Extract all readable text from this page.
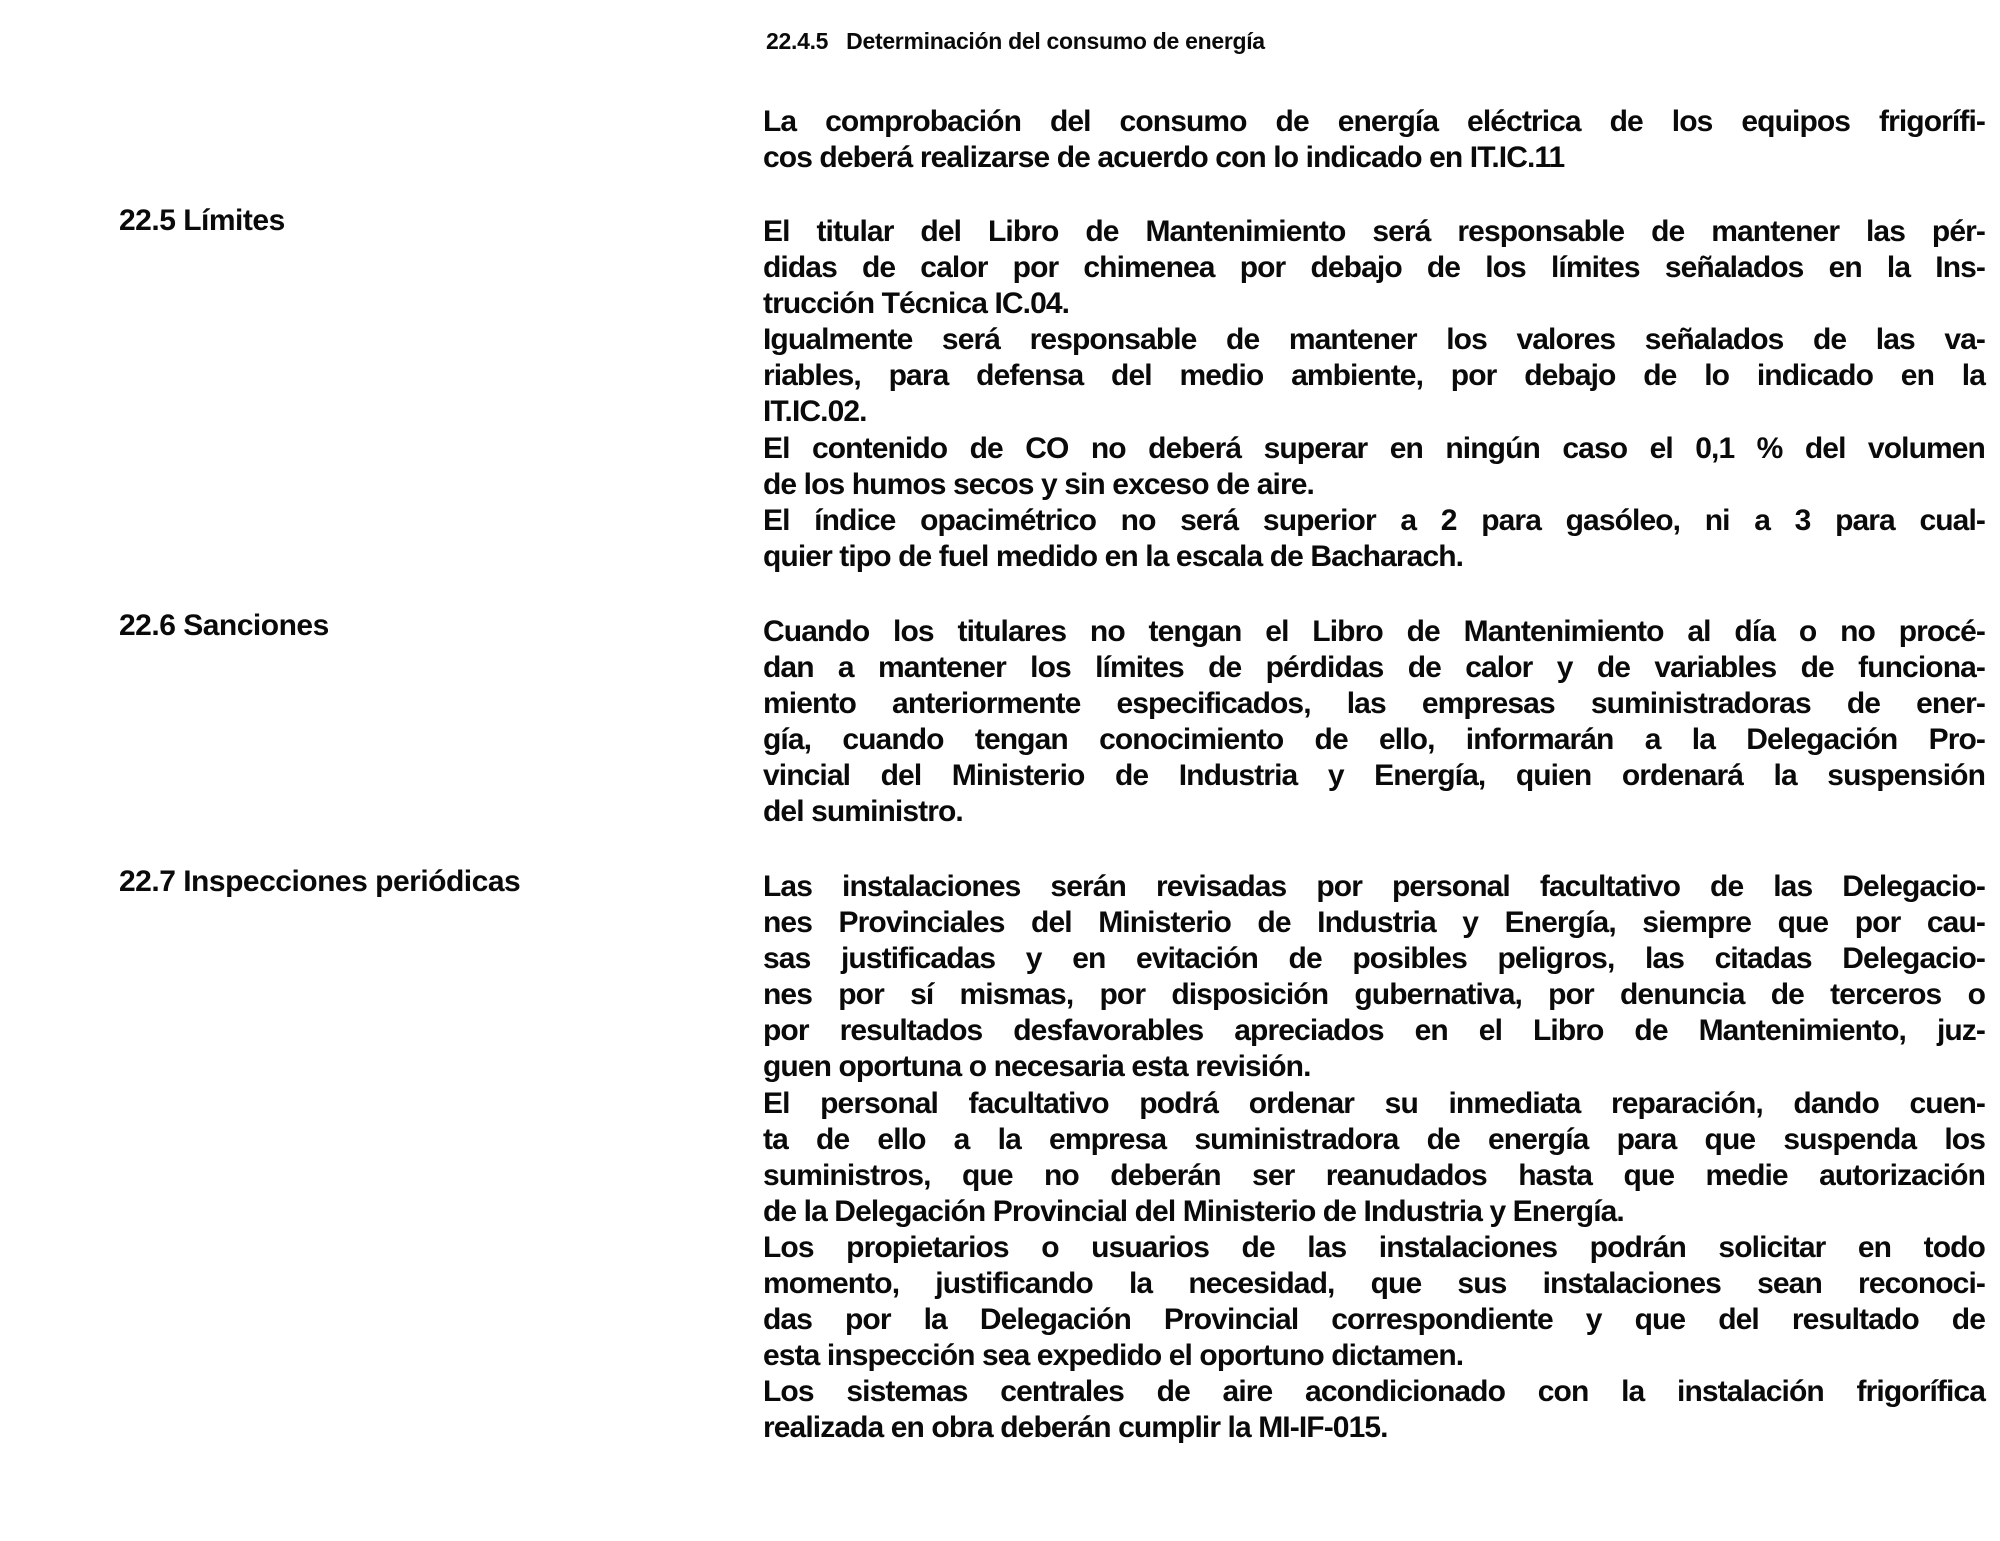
22.4.5 Determinación del consumo de energía
22.5 Límites
22.6 Sanciones
22.7 Inspecciones periódicas
La comprobación del consumo de energía eléctrica de los equipos frigorífi-
cos deberá realizarse de acuerdo con lo indicado en IT.IC.11
El titular del Libro de Mantenimiento será responsable de mantener las pér-
didas de calor por chimenea por debajo de los límites señalados en la Ins-
trucción Técnica IC.04.
Igualmente será responsable de mantener los valores señalados de las va-
riables, para defensa del medio ambiente, por debajo de lo indicado en la
IT.IC.02.
El contenido de CO no deberá superar en ningún caso el 0,1 % del volumen
de los humos secos y sin exceso de aire.
El índice opacimétrico no será superior a 2 para gasóleo, ni a 3 para cual-
quier tipo de fuel medido en la escala de Bacharach.
Cuando los titulares no tengan el Libro de Mantenimiento al día o no procé-
dan a mantener los límites de pérdidas de calor y de variables de funciona-
miento anteriormente especificados, las empresas suministradoras de ener-
gía, cuando tengan conocimiento de ello, informarán a la Delegación Pro-
vincial del Ministerio de Industria y Energía, quien ordenará la suspensión
del suministro.
Las instalaciones serán revisadas por personal facultativo de las Delegacio-
nes Provinciales del Ministerio de Industria y Energía, siempre que por cau-
sas justificadas y en evitación de posibles peligros, las citadas Delegacio-
nes por sí mismas, por disposición gubernativa, por denuncia de terceros o
por resultados desfavorables apreciados en el Libro de Mantenimiento, juz-
guen oportuna o necesaria esta revisión.
El personal facultativo podrá ordenar su inmediata reparación, dando cuen-
ta de ello a la empresa suministradora de energía para que suspenda los
suministros, que no deberán ser reanudados hasta que medie autorización
de la Delegación Provincial del Ministerio de Industria y Energía.
Los propietarios o usuarios de las instalaciones podrán solicitar en todo
momento, justificando la necesidad, que sus instalaciones sean reconoci-
das por la Delegación Provincial correspondiente y que del resultado de
esta inspección sea expedido el oportuno dictamen.
Los sistemas centrales de aire acondicionado con la instalación frigorífica
realizada en obra deberán cumplir la MI-IF-015.
